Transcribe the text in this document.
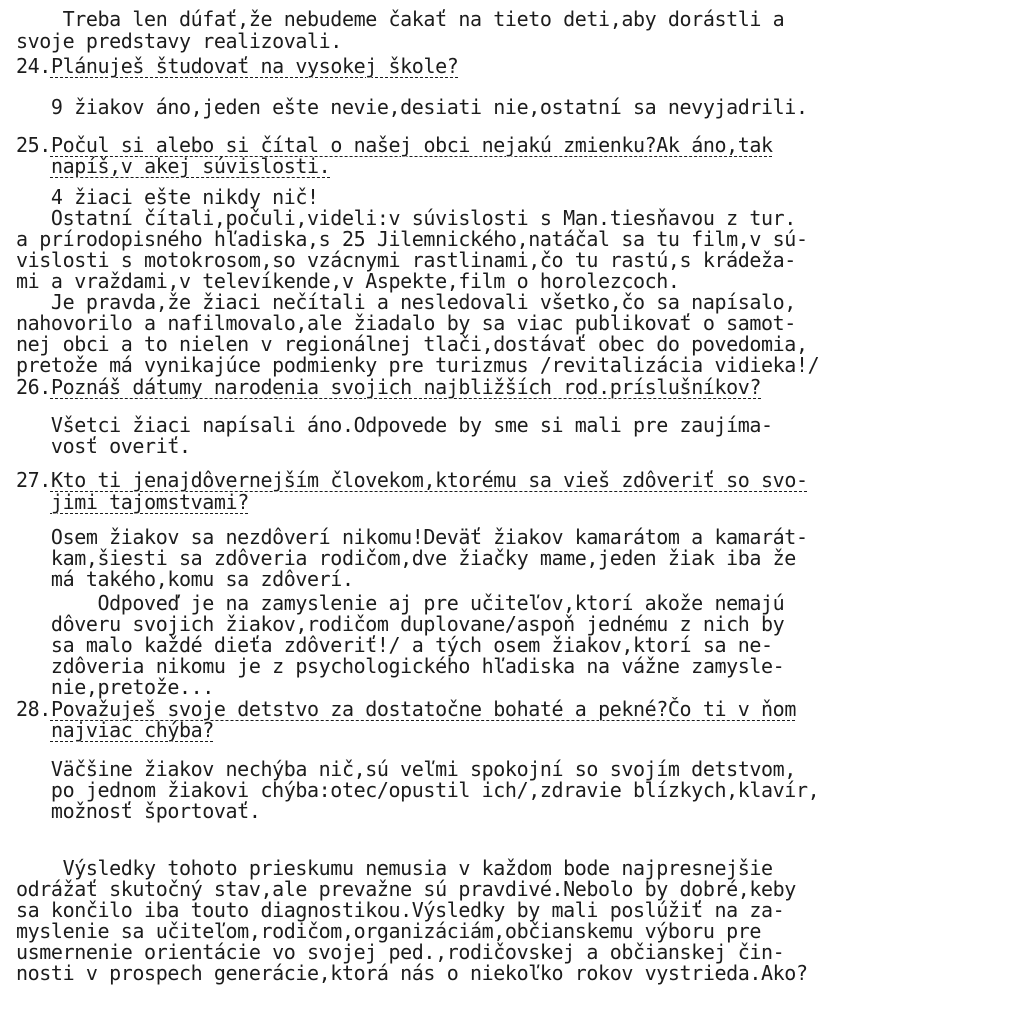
Treba len dúfať,že nebudeme čakať na tieto deti,aby dorástli a
svoje predstavy realizovali.
24.Plánuješ študovať na vysokej škole?
9 žiakov áno,jeden ešte nevie,desiati nie,ostatní sa nevyjadrili.
25.Počul si alebo si čítal o našej obci nejakú zmienku?Ak áno,tak
napíš,v akej súvislosti.
4 žiaci ešte nikdy nič!
Ostatní čítali,počuli,videli:v súvislosti s Man.tiesňavou z tur.
a prírodopisného hľadiska,s 25 Jilemnického,natáčal sa tu film,v sú-
vislosti s motokrosom,so vzácnymi rastlinami,čo tu rastú,s krádeža-
mi a vraždami,v televíkende,v Aspekte,film o horolezcoch.
Je pravda,že žiaci nečítali a nesledovali všetko,čo sa napísalo,
nahovorilo a nafilmovalo,ale žiadalo by sa viac publikovať o samot-
nej obci a to nielen v regionálnej tlači,dostávať obec do povedomia,
pretože má vynikajúce podmienky pre turizmus /revitalizácia vidieka!/
26.Poznáš dátumy narodenia svojich najbližších rod.príslušníkov?
Všetci žiaci napísali áno.Odpovede by sme si mali pre zaujíma-
vosť overiť.
27.Kto ti jenajdôvernejším človekom,ktorému sa vieš zdôveriť so svo-
jimi tajomstvami?
Osem žiakov sa nezdôverí nikomu!Deväť žiakov kamarátom a kamarát-
kam,šiesti sa zdôveria rodičom,dve žiačky mame,jeden žiak iba že
má takého,komu sa zdôverí.
Odpoveď je na zamyslenie aj pre učiteľov,ktorí akože nemajú
dôveru svojich žiakov,rodičom duplovane/aspoň jednému z nich by
sa malo každé dieťa zdôveriť!/ a tých osem žiakov,ktorí sa ne-
zdôveria nikomu je z psychologického hľadiska na vážne zamysle-
nie,pretože...
28.Považuješ svoje detstvo za dostatočne bohaté a pekné?Čo ti v ňom
najviac chýba?
Väčšine žiakov nechýba nič,sú veľmi spokojní so svojím detstvom,
po jednom žiakovi chýba:otec/opustil ich/,zdravie blízkych,klavír,
možnosť športovať.
Výsledky tohoto prieskumu nemusia v každom bode najpresnejšie
odrážať skutočný stav,ale prevažne sú pravdivé.Nebolo by dobré,keby
sa končilo iba touto diagnostikou.Výsledky by mali poslúžiť na za-
myslenie sa učiteľom,rodičom,organizáciám,občianskemu výboru pre
usmernenie orientácie vo svojej ped.,rodičovskej a občianskej čin-
nosti v prospech generácie,ktorá nás o niekoľko rokov vystrieda.Ako?
